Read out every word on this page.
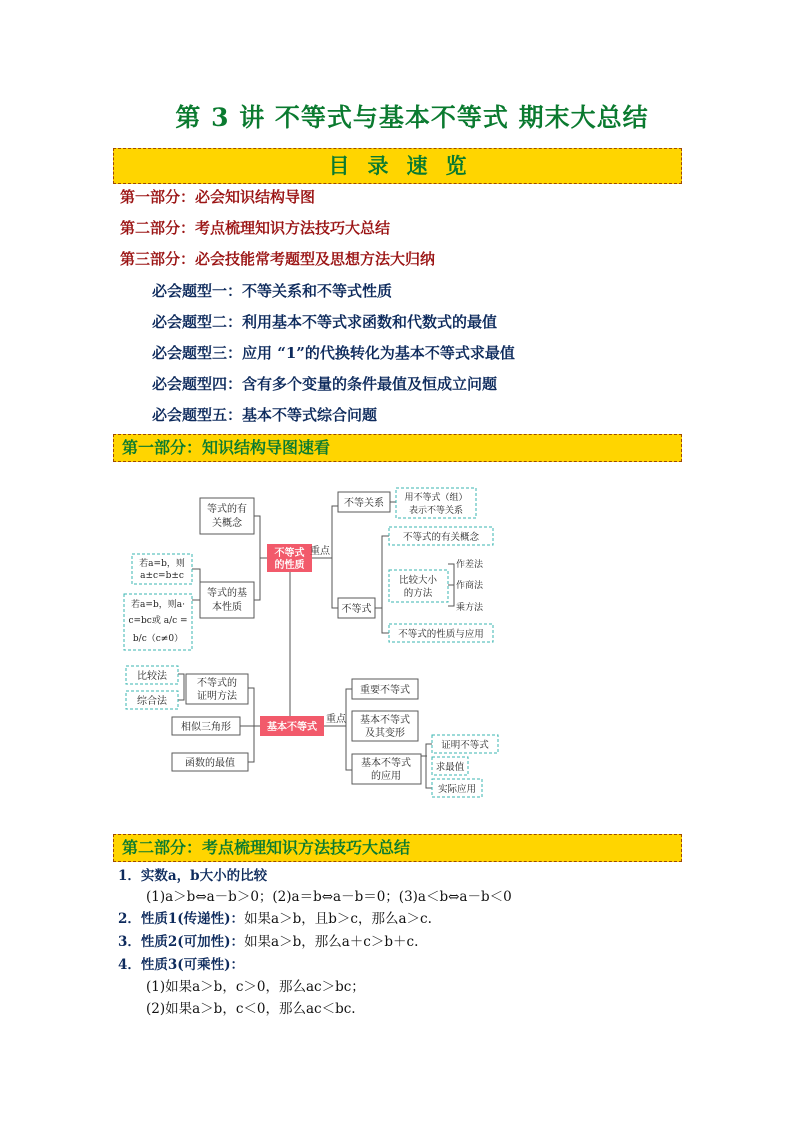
第 3 讲 不等式与基本不等式 期末大总结
目录速览
第一部分：必会知识结构导图
第二部分：考点梳理知识方法技巧大总结
第三部分：必会技能常考题型及思想方法大归纳
必会题型一：不等关系和不等式性质
必会题型二：利用基本不等式求函数和代数式的最值
必会题型三：应用 “1”的代换转化为基本不等式求最值
必会题型四：含有多个变量的条件最值及恒成立问题
必会题型五：基本不等式综合问题
第一部分：知识结构导图速看
等式的有
关概念
等式的基
本性质
若a=b，则
a±c=b±c
若a=b，则a·
c=bc或 a/c =
b/c（c≠0）
不等式
的性质
重点
不等关系 用不等式（组）
表示不等关系
不等式
不等式的有关概念
比较大小
的方法
作差法
作商法
乘方法
不等式的性质与应用
比较法
综合法
不等式的
证明方法
相似三角形
函数的最值
基本不等式
重点
重要不等式
基本不等式
及其变形
基本不等式
的应用
证明不等式
求最值
实际应用
第二部分：考点梳理知识方法技巧大总结
1．实数a，b大小的比较
(1)a＞b⇔a－b＞0；(2)a＝b⇔a－b＝0；(3)a＜b⇔a－b＜0
2．性质1(传递性)：如果a＞b，且b＞c，那么a＞c.
3．性质2(可加性)：如果a＞b，那么a＋c＞b＋c.
4．性质3(可乘性)：
(1)如果a＞b，c＞0，那么ac＞bc；
(2)如果a＞b，c＜0，那么ac＜bc.
